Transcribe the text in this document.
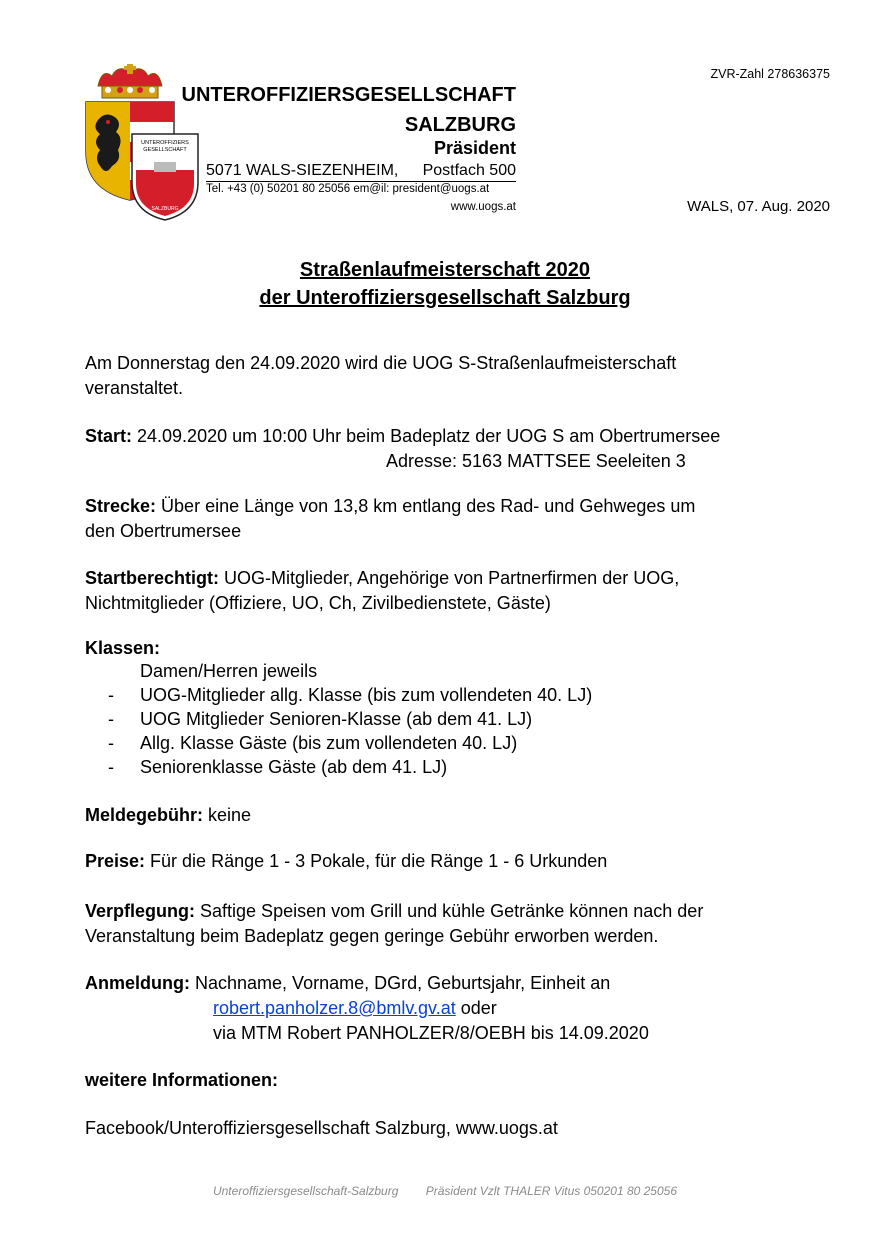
UNTEROFFIZIERS
GESELLSCHAFT
SALZBURG
UNTEROFFIZIERSGESELLSCHAFT
SALZBURG
Präsident
5071 WALS-SIEZENHEIM, Postfach 500
Tel. +43 (0) 50201 80 25056 em@il: president@uogs.at
www.uogs.at
ZVR-Zahl 278636375
WALS, 07. Aug. 2020
Straßenlaufmeisterschaft 2020
der Unteroffiziersgesellschaft Salzburg
Am Donnerstag den 24.09.2020 wird die UOG S-Straßenlaufmeisterschaft
veranstaltet.
Start: 24.09.2020 um 10:00 Uhr beim Badeplatz der UOG S am Obertrumersee
Adresse: 5163 MATTSEE Seeleiten 3
Strecke: Über eine Länge von 13,8 km entlang des Rad- und Gehweges um
den Obertrumersee
Startberechtigt: UOG-Mitglieder, Angehörige von Partnerfirmen der UOG,
Nichtmitglieder (Offiziere, UO, Ch, Zivilbedienstete, Gäste)
Klassen:
Damen/Herren jeweils
- UOG-Mitglieder allg. Klasse (bis zum vollendeten 40. LJ)
- UOG Mitglieder Senioren-Klasse (ab dem 41. LJ)
- Allg. Klasse Gäste (bis zum vollendeten 40. LJ)
- Seniorenklasse Gäste (ab dem 41. LJ)
Meldegebühr: keine
Preise: Für die Ränge 1 - 3 Pokale, für die Ränge 1 - 6 Urkunden
Verpflegung: Saftige Speisen vom Grill und kühle Getränke können nach der
Veranstaltung beim Badeplatz gegen geringe Gebühr erworben werden.
Anmeldung: Nachname, Vorname, DGrd, Geburtsjahr, Einheit an
robert.panholzer.8@bmlv.gv.at oder
via MTM Robert PANHOLZER/8/OEBH bis 14.09.2020
weitere Informationen:
Facebook/Unteroffiziersgesellschaft Salzburg, www.uogs.at
Unteroffiziersgesellschaft-Salzburg Präsident Vzlt THALER Vitus 050201 80 25056
